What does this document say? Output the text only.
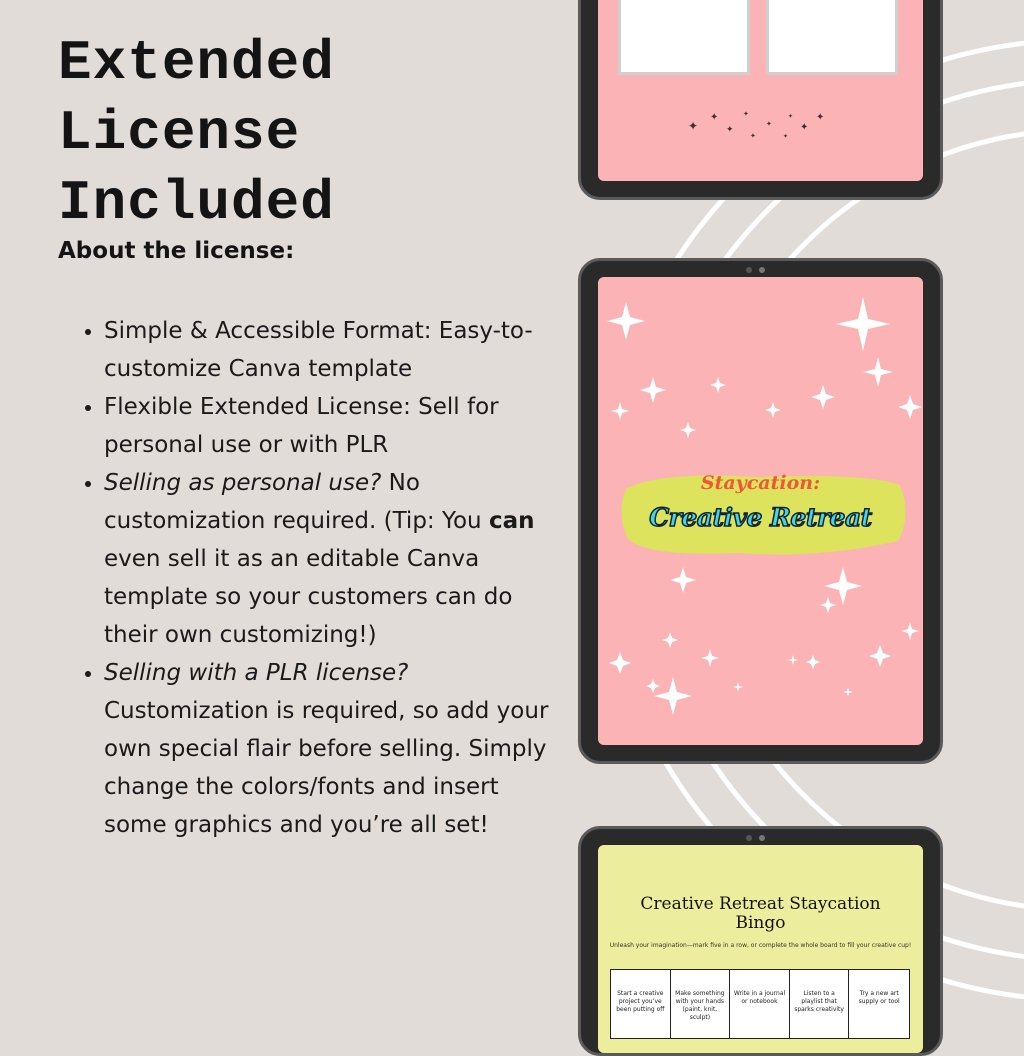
Extended
License
Included

About the license:

• Simple & Accessible Format: Easy-to-customize Canva template
• Flexible Extended License: Sell for personal use or with PLR
• Selling as personal use? No customization required. (Tip: You can even sell it as an editable Canva template so your customers can do their own customizing!)
• Selling with a PLR license? Customization is required, so add your own special flair before selling. Simply change the colors/fonts and insert some graphics and you’re all set!
✦
✦
✦
✦
✦
✦
✦
✦
✦
✦
Staycation:
Creative Retreat
Creative Retreat Staycation Bingo
Unleash your imagination—mark five in a row, or complete the whole board to fill your creative cup!
Start a creative project you’ve been putting off
Make something with your hands (paint, knit, sculpt)
Write in a journal or notebook
Listen to a playlist that sparks creativity
Try a new art supply or tool
